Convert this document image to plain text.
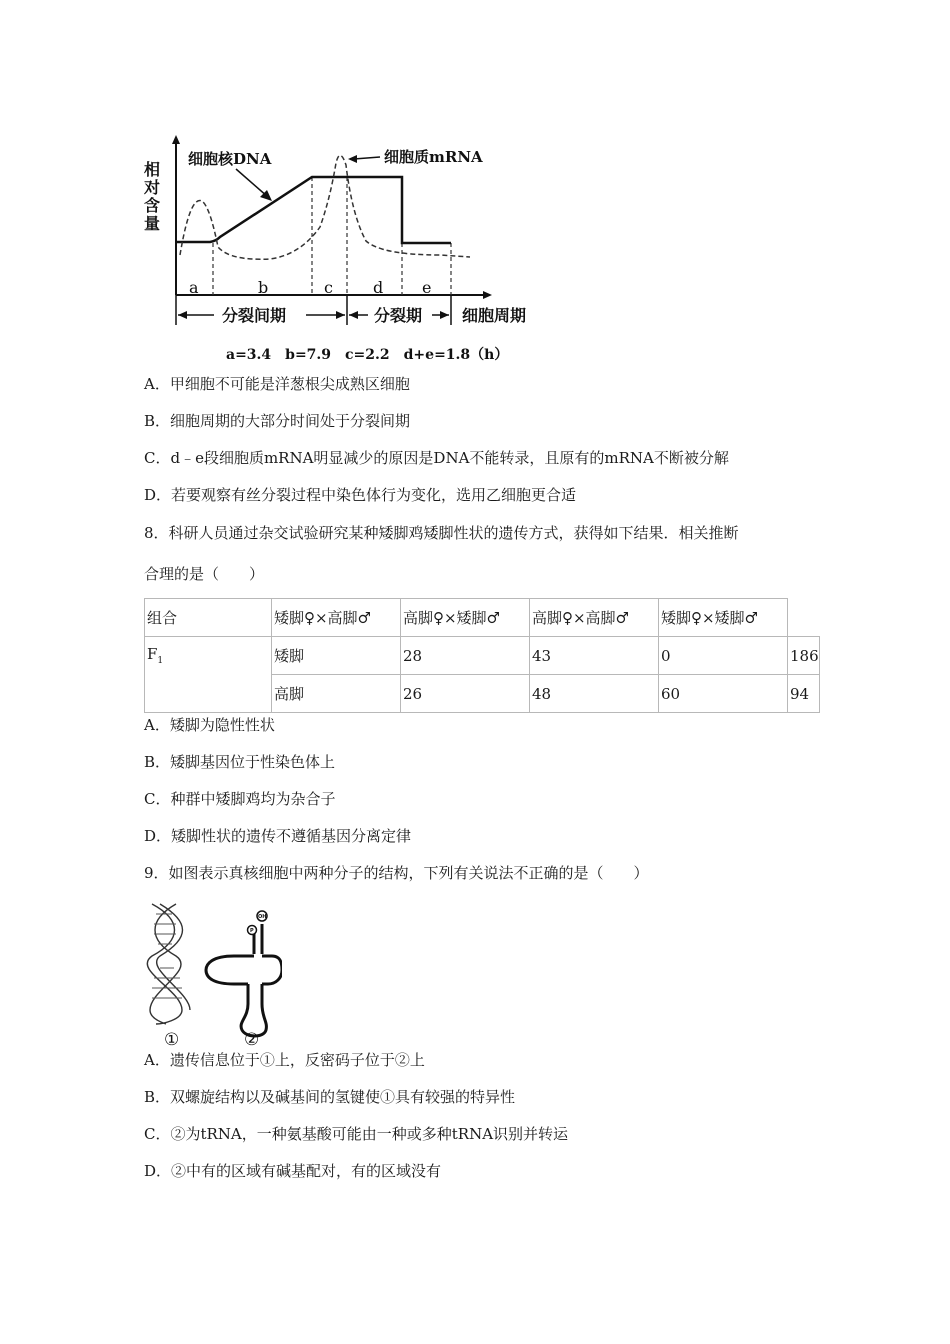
相
对
含
量
细胞核DNA	细胞质mRNA
a	b	c	d e
分裂间期	分裂期 细胞周期
a=3.4　b=7.9　c=2.2　d+e=1.8（h）
A．甲细胞不可能是洋葱根尖成熟区细胞
B．细胞周期的大部分时间处于分裂间期
C．d﹣e段细胞质mRNA明显减少的原因是DNA不能转录，且原有的mRNA不断被分解
D．若要观察有丝分裂过程中染色体行为变化，选用乙细胞更合适
8．科研人员通过杂交试验研究某种矮脚鸡矮脚性状的遗传方式，获得如下结果．相关推断
合理的是（　　）
组合	矮脚♀×高脚♂	高脚♀×矮脚♂	高脚♀×高脚♂	矮脚♀×矮脚♂	
$F_1$	矮脚	28	43	0	186
	高脚	26	48	60	94
A．矮脚为隐性性状
B．矮脚基因位于性染色体上
C．种群中矮脚鸡均为杂合子
D．矮脚性状的遗传不遵循基因分离定律
9．如图表示真核细胞中两种分子的结构，下列有关说法不正确的是（　　）
OH
P
①	②
A．遗传信息位于①上，反密码子位于②上
B．双螺旋结构以及碱基间的氢键使①具有较强的特异性
C．②为tRNA，一种氨基酸可能由一种或多种tRNA识别并转运
D．②中有的区域有碱基配对，有的区域没有
